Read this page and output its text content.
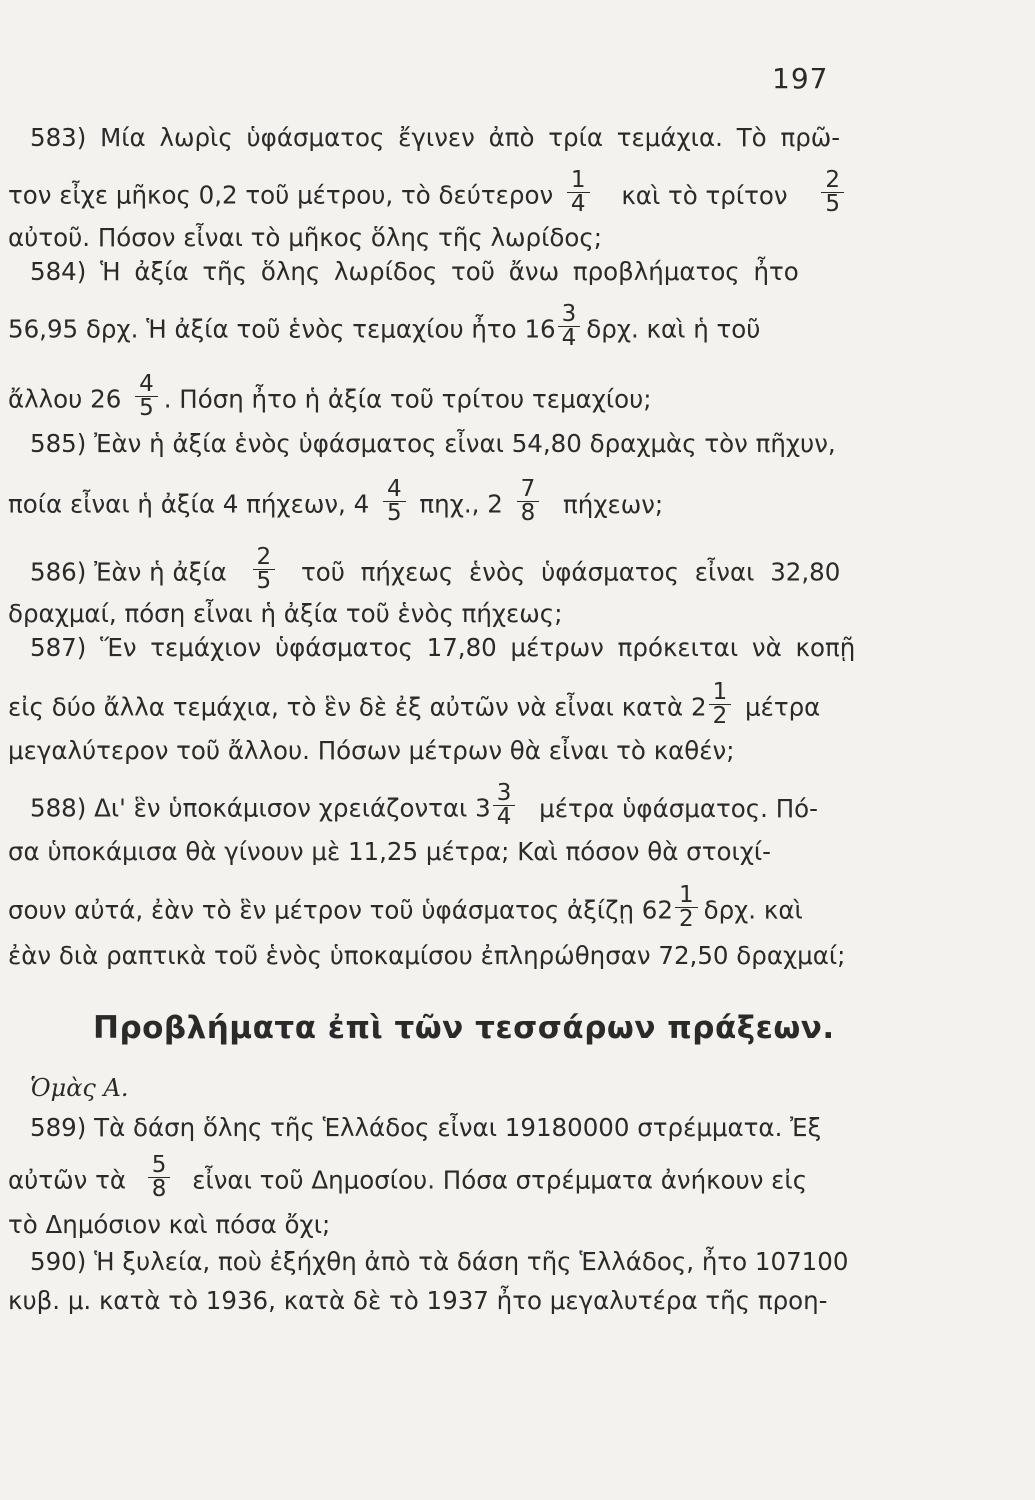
197
583) Μία λωρὶς ὑφάσματος ἔγινεν ἀπὸ τρία τεμάχια. Τὸ πρῶ-
τον εἶχε μῆκος 0,2 τοῦ μέτρου, τὸ δεύτερον $\frac{1}{4}$ καὶ τὸ τρίτον $\frac{2}{5}$
αὐτοῦ. Πόσον εἶναι τὸ μῆκος ὅλης τῆς λωρίδος;
584) Ἡ ἀξία τῆς ὅλης λωρίδος τοῦ ἄνω προβλήματος ἦτο
56,95 δρχ. Ἡ ἀξία τοῦ ἑνὸς τεμαχίου ἦτο $16 \frac{3}{4} \delta\rho\chi$. καὶ ἡ τοῦ
ἄλλου $26 \frac{4}{5}$ . Πόση ἦτο ἡ ἀξία τοῦ τρίτου τεμαχίου;
585) Ἐὰν ἡ ἀξία ἑνὸς ὑφάσματος εἶναι 54,80 δραχμὰς τὸν πῆχυν,
ποία εἶναι ἡ ἀξία 4 πήχεων, $4 \frac{4}{5} \pi\eta\chi$., $2 \frac{7}{8} \pi ή\chi\varepsilon\omega\nu$;
586) Ἐὰν ἡ ἀξία $\frac{2}{5}$ τοῦ πήχεως ἑνὸς ὑφάσματος εἶναι 32,80
δραχμαί, πόση εἶναι ἡ ἀξία τοῦ ἑνὸς πήχεως;
587) Ἕν τεμάχιον ὑφάσματος 17,80 μέτρων πρόκειται νὰ κοπῇ
εἰς δύο ἄλλα τεμάχια, τὸ ἓν δὲ ἐξ αὐτῶν νὰ εἶναι κατὰ $2 \frac{1}{2}$ μέτρα
μεγαλύτερον τοῦ ἄλλου. Πόσων μέτρων θὰ εἶναι τὸ καθέν;
588) Δι' ἓν ὑποκάμισον χρειάζονται $3 \frac{3}{4}$ μέτρα ὑφάσματος. Πό-
σα ὑποκάμισα θὰ γίνουν μὲ 11,25 μέτρα; Καὶ πόσον θὰ στοιχί-
σουν αὐτά, ἐὰν τὸ ἓν μέτρον τοῦ ὑφάσματος ἀξίζῃ $62 \frac{1}{2} \delta\rho\chi$. καὶ
ἐὰν διὰ ραπτικὰ τοῦ ἑνὸς ὑποκαμίσου ἐπληρώθησαν 72,50 δραχμαί;
Προβλήματα ἐπὶ τῶν τεσσάρων πράξεων.
Ὁμὰς Α.
589) Τὰ δάση ὅλης τῆς Ἑλλάδος εἶναι 19180000 στρέμματα. Ἐξ
αὐτῶν τὰ $\frac{5}{8}$ εἶναι τοῦ Δημοσίου. Πόσα στρέμματα ἀνήκουν εἰς
τὸ Δημόσιον καὶ πόσα ὄχι;
590) Ἡ ξυλεία, ποὺ ἐξήχθη ἀπὸ τὰ δάση τῆς Ἑλλάδος, ἦτο 107100
κυβ. μ. κατὰ τὸ 1936, κατὰ δὲ τὸ 1937 ἦτο μεγαλυτέρα τῆς προη-
